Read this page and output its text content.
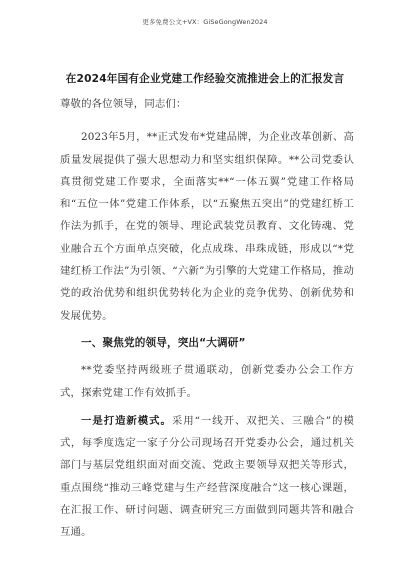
更多免费公文+VX：GiSeGongWen2024
在2024年国有企业党建工作经验交流推进会上的汇报发言

尊敬的各位领导，同志们：

2023年5月，**正式发布*党建品牌，为企业改革创新、高质量发展提供了强大思想动力和坚实组织保障。**公司党委认真贯彻党建工作要求，全面落实**“一体五翼”党建工作格局和“五位一体”党建工作体系，以“五聚焦五突出”的党建红桥工作法为抓手，在党的领导、理论武装党员教育、文化铸魂、党业融合五个方面单点突破，化点成珠、串珠成链，形成以“*党建红桥工作法”为引领、“六新”为引擎的大党建工作格局，推动党的政治优势和组织优势转化为企业的竞争优势、创新优势和发展优势。

一、聚焦党的领导，突出“大调研”

**党委坚持两级班子贯通联动，创新党委办公会工作方式，探索党建工作有效抓手。

一是打造新模式。采用“一线开、双把关、三融合”的模式，每季度选定一家子分公司现场召开党委办公会，通过机关部门与基层党组织面对面交流、党政主要领导双把关等形式，重点围绕“推动三峰党建与生产经营深度融合”这一核心课题，在汇报工作、研讨问题、调查研究三方面做到同题共答和融合互通。
